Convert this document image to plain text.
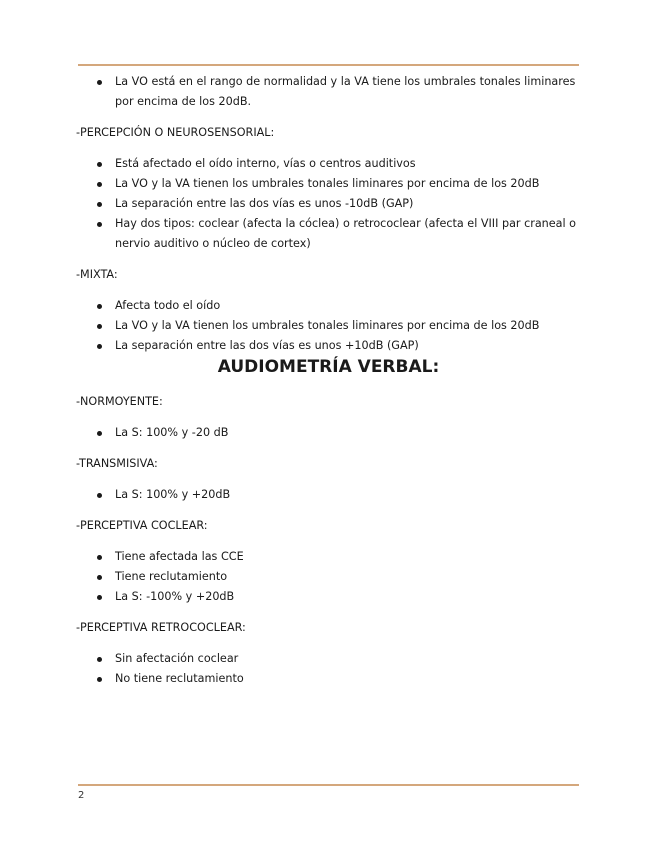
La VO está en el rango de normalidad y la VA tiene los umbrales tonales liminares por encima de los 20dB.

-PERCEPCIÓN O NEUROSENSORIAL:

Está afectado el oído interno, vías o centros auditivos
La VO y la VA tienen los umbrales tonales liminares por encima de los 20dB
La separación entre las dos vías es unos -10dB (GAP)
Hay dos tipos: coclear (afecta la cóclea) o retrococlear (afecta el VIII par craneal o nervio auditivo o núcleo de cortex)

-MIXTA:

Afecta todo el oído
La VO y la VA tienen los umbrales tonales liminares por encima de los 20dB
La separación entre las dos vías es unos +10dB (GAP)
AUDIOMETRÍA VERBAL:

-NORMOYENTE:

La S: 100% y -20 dB

-TRANSMISIVA:

La S: 100% y +20dB

-PERCEPTIVA COCLEAR:

Tiene afectada las CCE
Tiene reclutamiento
La S: -100% y +20dB

-PERCEPTIVA RETROCOCLEAR:

Sin afectación coclear
No tiene reclutamiento
2
